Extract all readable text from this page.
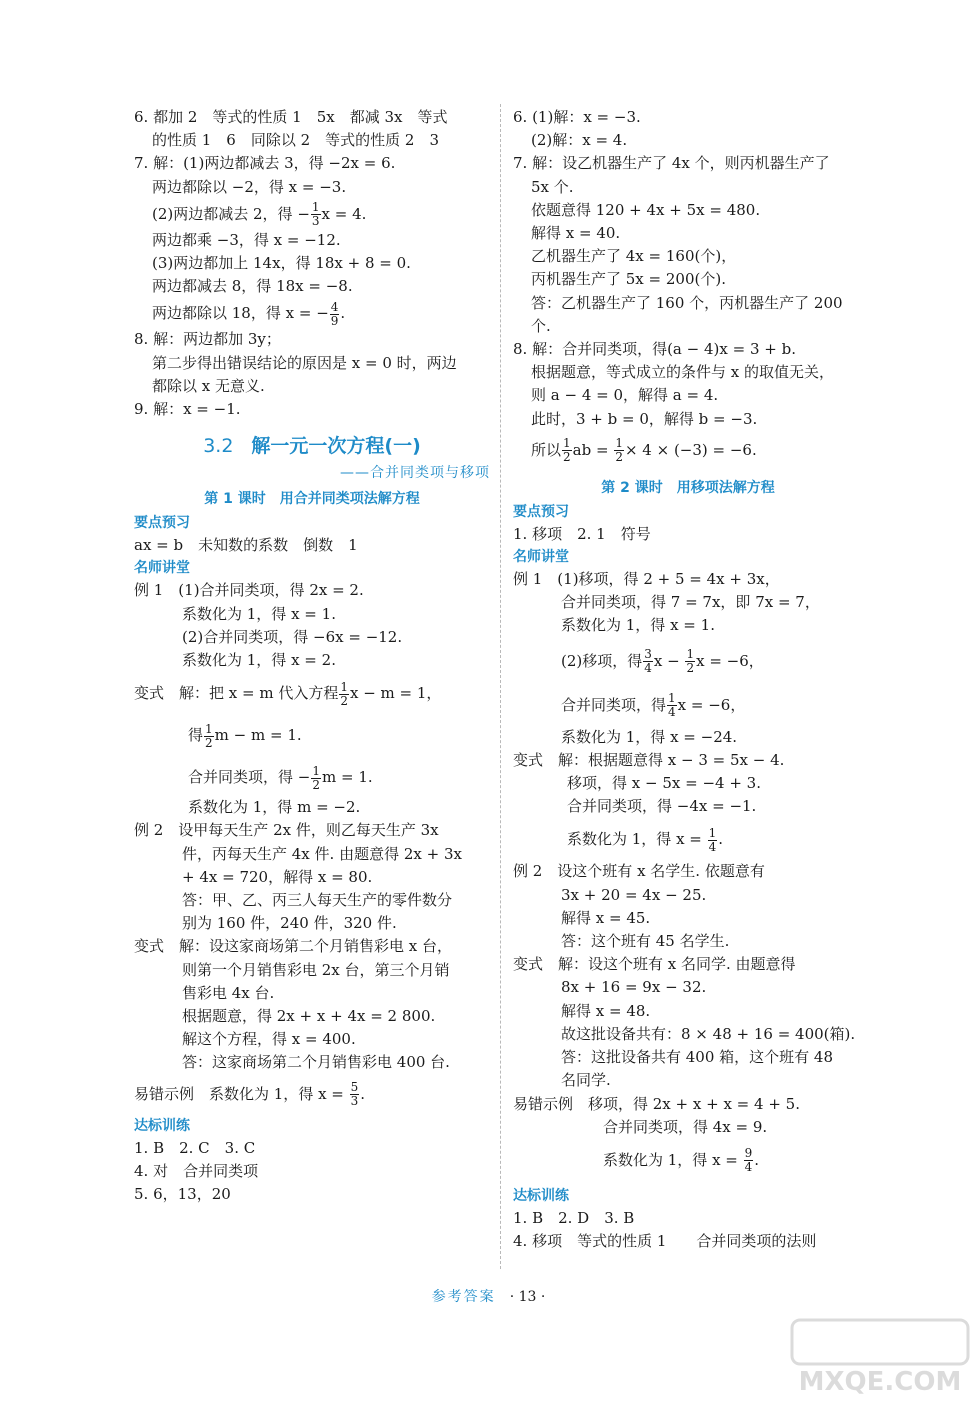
6. 都加 2　等式的性质 1　5x　都减 3x　等式
的性质 1　6　同除以 2　等式的性质 2　3
7. 解：(1)两边都减去 3，得 −2x = 6.
两边都除以 −2，得 x = −3.
(2)两边都减去 2，得 − $\frac{1}{3}$ x = 4.
两边都乘 −3，得 x = −12.
(3)两边都加上 14x，得 18x + 8 = 0.
两边都减去 8，得 18x = −8.
两边都除以 18，得 x = − $\frac{4}{9}$ .
8. 解：两边都加 3y；
第二步得出错误结论的原因是 x = 0 时，两边
都除以 x 无意义.
9. 解：x = −1.
3.2 解一元一次方程(一)
——合并同类项与移项
第 1 课时　用合并同类项法解方程
要点预习
ax = b　未知数的系数　倒数　1
名师讲堂
例 1　(1)合并同类项，得 2x = 2.
系数化为 1，得 x = 1.
(2)合并同类项，得 −6x = −12.
系数化为 1，得 x = 2.
变式　解：把 x = m 代入方程 $\frac{1}{2}$ x − m = 1，
得 $\frac{1}{2}$ m − m = 1.
合并同类项，得 − $\frac{1}{2}$ m = 1.
系数化为 1，得 m = −2.
例 2　设甲每天生产 2x 件，则乙每天生产 3x
件，丙每天生产 4x 件. 由题意得 2x + 3x
+ 4x = 720，解得 x = 80.
答：甲、乙、丙三人每天生产的零件数分
别为 160 件，240 件，320 件.
变式　解：设这家商场第二个月销售彩电 x 台，
则第一个月销售彩电 2x 台，第三个月销
售彩电 4x 台.
根据题意，得 2x + x + 4x = 2 800.
解这个方程，得 x = 400.
答：这家商场第二个月销售彩电 400 台.
易错示例　系数化为 1，得 $x = \frac{5}{3}$ .
达标训练
1. B　2. C　3. C
4. 对　合并同类项
5. 6，13，20
6. (1)解：x = −3.
(2)解：x = 4.
7. 解：设乙机器生产了 4x 个，则丙机器生产了
5x 个.
依题意得 120 + 4x + 5x = 480.
解得 x = 40.
乙机器生产了 4x = 160(个)，
丙机器生产了 5x = 200(个).
答：乙机器生产了 160 个，丙机器生产了 200
个.
8. 解：合并同类项，得(a − 4)x = 3 + b.
根据题意，等式成立的条件与 x 的取值无关，
则 a − 4 = 0，解得 a = 4.
此时，3 + b = 0，解得 b = −3.
所以 $\frac{1}{2}$ ab = $\frac{1}{2} \times 4 \times (-3) = -6$.
第 2 课时　用移项法解方程
要点预习
1. 移项　2. 1　符号
名师讲堂
例 1　(1)移项，得 2 + 5 = 4x + 3x，
合并同类项，得 7 = 7x，即 7x = 7，
系数化为 1，得 x = 1.
(2)移项，得 $\frac{3}{4}$ $x - \frac{1}{2}$ x = −6，
合并同类项，得 $\frac{1}{4}$ x = −6，
系数化为 1，得 x = −24.
变式　解：根据题意得 x − 3 = 5x − 4.
移项，得 x − 5x = −4 + 3.
合并同类项，得 −4x = −1.
系数化为 1，得 $x = \frac{1}{4}$ .
例 2　设这个班有 x 名学生. 依题意有
3x + 20 = 4x − 25.
解得 x = 45.
答：这个班有 45 名学生.
变式　解：设这个班有 x 名同学. 由题意得
8x + 16 = 9x − 32.
解得 x = 48.
故这批设备共有：8 × 48 + 16 = 400(箱).
答：这批设备共有 400 箱，这个班有 48
名同学.
易错示例　移项，得 2x + x + x = 4 + 5.
合并同类项，得 4x = 9.
系数化为 1，得 $x = \frac{9}{4}$ .
达标训练
1. B　2. D　3. B
4. 移项　等式的性质 1　　合并同类项的法则
参考答案 · 13 ·
MXQE.COM
